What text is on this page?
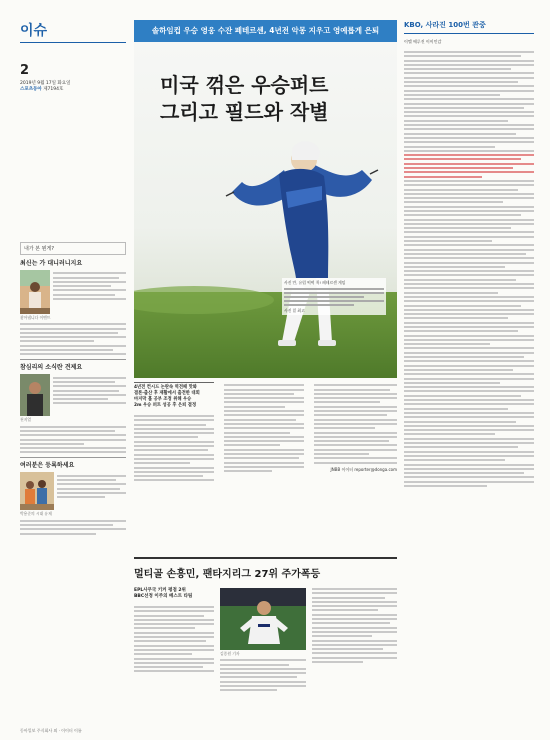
이슈
2
2019년 9월 17일 화요일
스포츠동아 제7194호
내가 본 뭔게?
최신는 가 대니러니지요
찾아냅니다 이벤트
참심리의 소식란 견제요
천지얼
여러분은 등록하세요
박용준의 시대 유제
솔하임컵 우승 영웅 수잔 페테르센, 4년전 악몽 지우고 영예롭게 은퇴
미국 꺾은 우승퍼트
그리고 필드와 작별
사진 만, 유럽 퍽퍽 퀵! 페테르센 게임
사진 밑 최고
4년전 컨시드 논란속 역전패 맛봐
결론·출산 후 재활에서 출전한 대회
마지막 홀 공부 조정 위해 우승
2m 우승 퍼트 성공 후 은퇴 결정
JNBB 이이터 reporter@donga.com
멀티골 손흥민, 팬타지리그 27위 주가폭등
EPL사무국 키커 평점 2위
BBC선정 이주의 베스트 타팀
김종원 기자
KBO, 사라진 100번 관중
이엘 에루진 이이인감
동아일보 주식회사 외 · 이이터 이름
